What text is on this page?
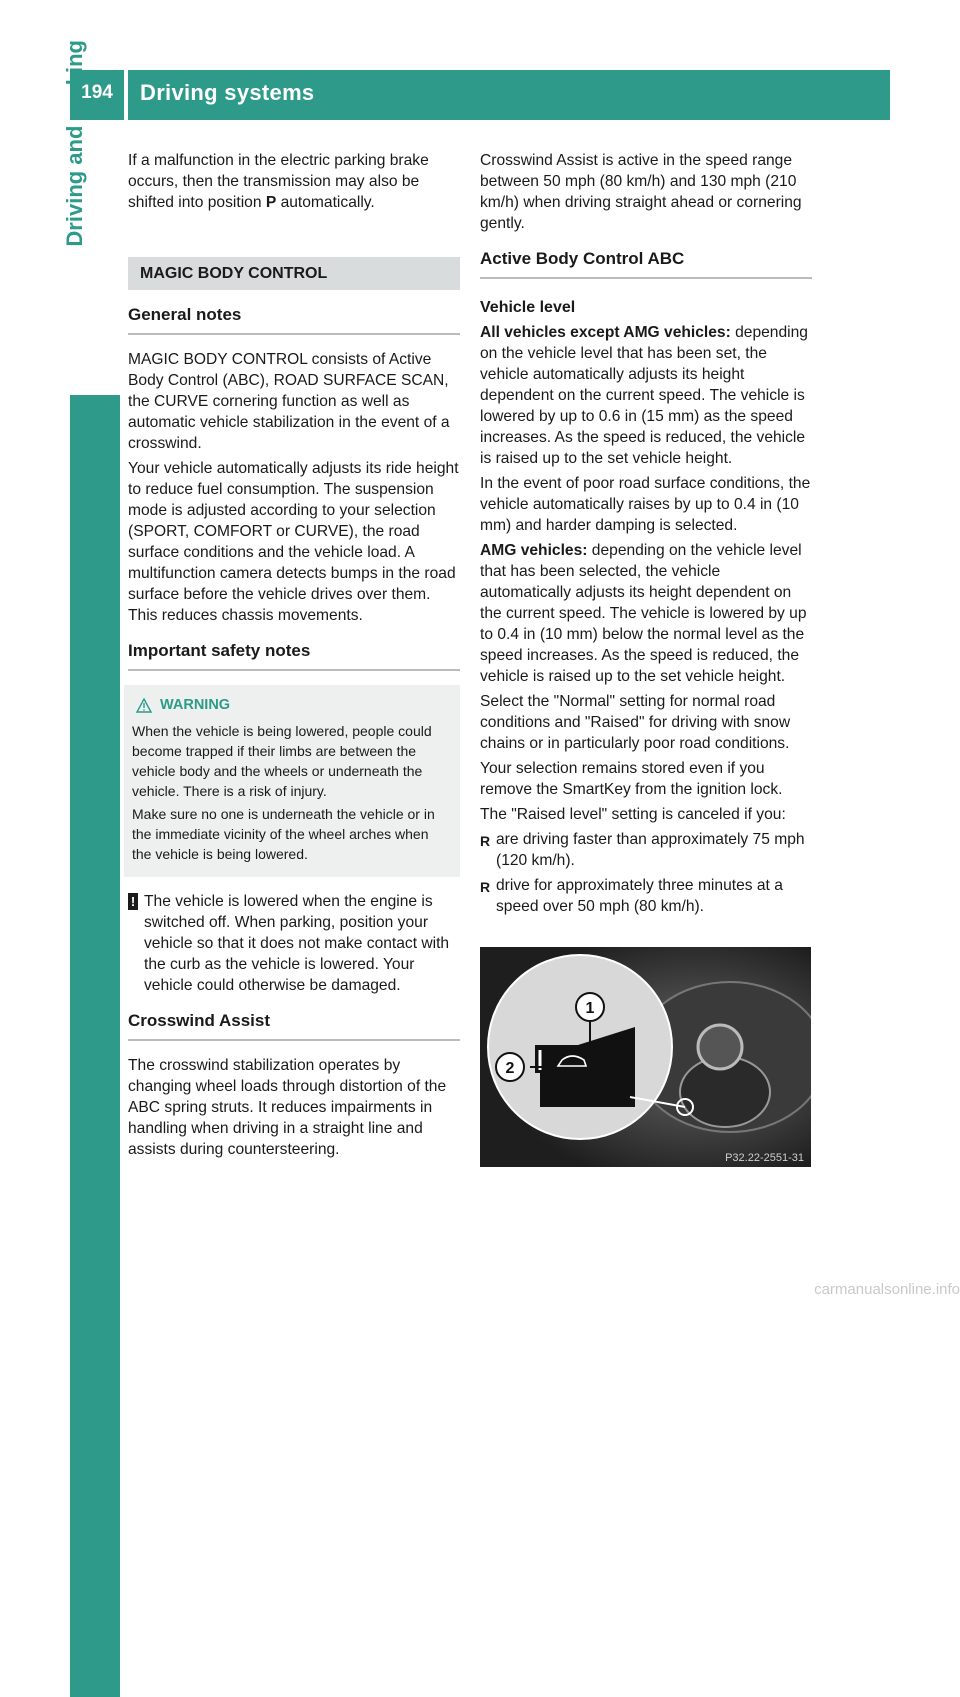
194	Driving systems
Driving and parking	If a malfunction in the electric parking brake occurs, then the transmission may also be shifted into position P automatically.

MAGIC BODY CONTROL
General notes

MAGIC BODY CONTROL consists of Active Body Control (ABC), ROAD SURFACE SCAN, the CURVE cornering function as well as automatic vehicle stabilization in the event of a crosswind.

Your vehicle automatically adjusts its ride height to reduce fuel consumption. The suspension mode is adjusted according to your selection (SPORT, COMFORT or CURVE), the road surface conditions and the vehicle load. A multifunction camera detects bumps in the road surface before the vehicle drives over them. This reduces chassis movements.

Important safety notes
WARNING

When the vehicle is being lowered, people could become trapped if their limbs are between the vehicle body and the wheels or underneath the vehicle. There is a risk of injury.

Make sure no one is underneath the vehicle or in the immediate vicinity of the wheel arches when the vehicle is being lowered.

! The vehicle is lowered when the engine is switched off. When parking, position your vehicle so that it does not make contact with the curb as the vehicle is lowered. Your vehicle could otherwise be damaged.
Crosswind Assist

The crosswind stabilization operates by changing wheel loads through distortion of the ABC spring struts. It reduces impairments in handling when driving in a straight line and assists during countersteering.

Crosswind Assist is active in the speed range between 50 mph (80 km/h) and 130 mph (210 km/h) when driving straight ahead or cornering gently.

Active Body Control ABC
Vehicle level

All vehicles except AMG vehicles: depending on the vehicle level that has been set, the vehicle automatically adjusts its height dependent on the current speed. The vehicle is lowered by up to 0.6 in (15 mm) as the speed increases. As the speed is reduced, the vehicle is raised up to the set vehicle height.

In the event of poor road surface conditions, the vehicle automatically raises by up to 0.4 in (10 mm) and harder damping is selected.

AMG vehicles: depending on the vehicle level that has been selected, the vehicle automatically adjusts its height dependent on the current speed. The vehicle is lowered by up to 0.4 in (10 mm) below the normal level as the speed increases. As the speed is reduced, the vehicle is raised up to the set vehicle height.

Select the "Normal" setting for normal road conditions and "Raised" for driving with snow chains or in particularly poor road conditions.

Your selection remains stored even if you remove the SmartKey from the ignition lock.

The "Raised level" setting is canceled if you:

R are driving faster than approximately 75 mph (120 km/h).
R drive for approximately three minutes at a speed over 50 mph (80 km/h).
1
2
P32.22-2551-31
carmanualsonline.info
